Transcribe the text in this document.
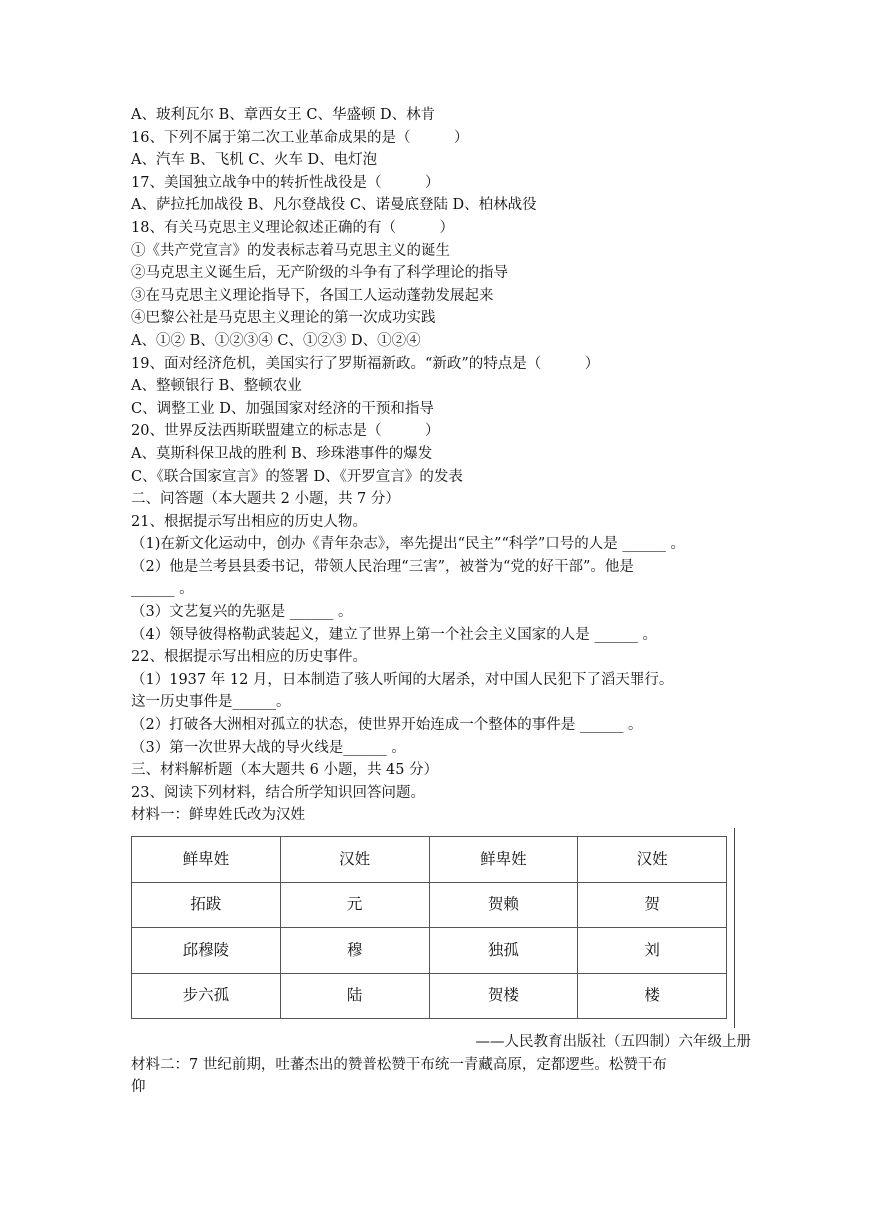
A、玻利瓦尔 B、章西女王 C、华盛顿 D、林肯
16、下列不属于第二次工业革命成果的是（　　　）
A、汽车 B、飞机 C、火车 D、电灯泡
17、美国独立战争中的转折性战役是（　　　）
A、萨拉托加战役 B、凡尔登战役 C、诺曼底登陆 D、柏林战役
18、有关马克思主义理论叙述正确的有（　　　）
①《共产党宣言》的发表标志着马克思主义的诞生
②马克思主义诞生后，无产阶级的斗争有了科学理论的指导
③在马克思主义理论指导下，各国工人运动蓬勃发展起来
④巴黎公社是马克思主义理论的第一次成功实践
A、①② B、①②③④ C、①②③ D、①②④
19、面对经济危机，美国实行了罗斯福新政。“新政”的特点是（　　　）
A、整顿银行 B、整顿农业
C、调整工业 D、加强国家对经济的干预和指导
20、世界反法西斯联盟建立的标志是（　　　）
A、莫斯科保卫战的胜利 B、珍珠港事件的爆发
C、《联合国家宣言》的签署 D、《开罗宣言》的发表
二、问答题（本大题共 2 小题，共 7 分）
21、根据提示写出相应的历史人物。
（1)在新文化运动中，创办《青年杂志》，率先提出“民主”“科学”口号的人是 ______ 。
（2）他是兰考县县委书记，带领人民治理“三害”，被誉为“党的好干部”。他是
______ 。
（3）文艺复兴的先驱是 ______ 。
（4）领导彼得格勒武装起义，建立了世界上第一个社会主义国家的人是 ______ 。
22、根据提示写出相应的历史事件。
（1）1937 年 12 月，日本制造了骇人听闻的大屠杀，对中国人民犯下了滔天罪行。
这一历史事件是______。
（2）打破各大洲相对孤立的状态，使世界开始连成一个整体的事件是 ______ 。
（3）第一次世界大战的导火线是______ 。
三、材料解析题（本大题共 6 小题，共 45 分）
23、阅读下列材料，结合所学知识回答问题。
材料一：鲜卑姓氏改为汉姓
鲜卑姓	汉姓	鲜卑姓	汉姓
拓跋	元	贺赖	贺
邱穆陵	穆	独孤	刘
步六孤	陆	贺楼	楼
——人民教育出版社（五四制）六年级上册
材料二：7 世纪前期，吐蕃杰出的赞普松赞干布统一青藏高原，定都逻些。松赞干布
仰
